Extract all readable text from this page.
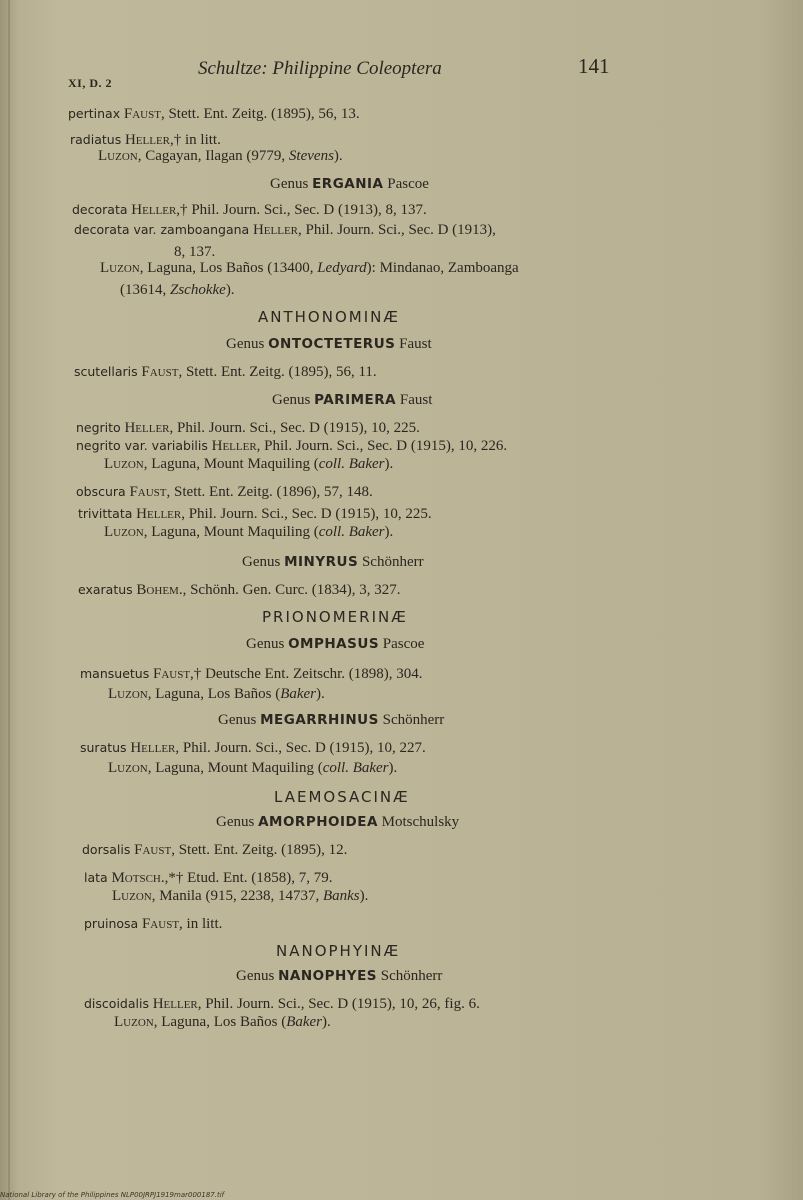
XI, D. 2
Schultze: Philippine Coleoptera	141
pertinax Faust, Stett. Ent. Zeitg. (1895), 56, 13.
radiatus Heller,† in litt.
Luzon, Cagayan, Ilagan (9779, Stevens).
Genus ERGANIA Pascoe
decorata Heller,† Phil. Journ. Sci., Sec. D (1913), 8, 137.
decorata var. zamboangana Heller, Phil. Journ. Sci., Sec. D (1913),
8, 137.
Luzon, Laguna, Los Baños (13400, Ledyard): Mindanao, Zamboanga
(13614, Zschokke).
ANTHONOMINÆ
Genus ONTOCTETERUS Faust
scutellaris Faust, Stett. Ent. Zeitg. (1895), 56, 11.
Genus PARIMERA Faust
negrito Heller, Phil. Journ. Sci., Sec. D (1915), 10, 225.
negrito var. variabilis Heller, Phil. Journ. Sci., Sec. D (1915), 10, 226.
Luzon, Laguna, Mount Maquiling (coll. Baker).
obscura Faust, Stett. Ent. Zeitg. (1896), 57, 148.
trivittata Heller, Phil. Journ. Sci., Sec. D (1915), 10, 225.
Luzon, Laguna, Mount Maquiling (coll. Baker).
Genus MINYRUS Schönherr
exaratus Bohem., Schönh. Gen. Curc. (1834), 3, 327.
PRIONOMERINÆ
Genus OMPHASUS Pascoe
mansuetus Faust,† Deutsche Ent. Zeitschr. (1898), 304.
Luzon, Laguna, Los Baños (Baker).
Genus MEGARRHINUS Schönherr
suratus Heller, Phil. Journ. Sci., Sec. D (1915), 10, 227.
Luzon, Laguna, Mount Maquiling (coll. Baker).
LAEMOSACINÆ
Genus AMORPHOIDEA Motschulsky
dorsalis Faust, Stett. Ent. Zeitg. (1895), 12.
lata Motsch.,*† Etud. Ent. (1858), 7, 79.
Luzon, Manila (915, 2238, 14737, Banks).
pruinosa Faust, in litt.
NANOPHYINÆ
Genus NANOPHYES Schönherr
discoidalis Heller, Phil. Journ. Sci., Sec. D (1915), 10, 26, fig. 6.
Luzon, Laguna, Los Baños (Baker).
National Library of the Philippines NLP00JRPJ1919mar000187.tif
